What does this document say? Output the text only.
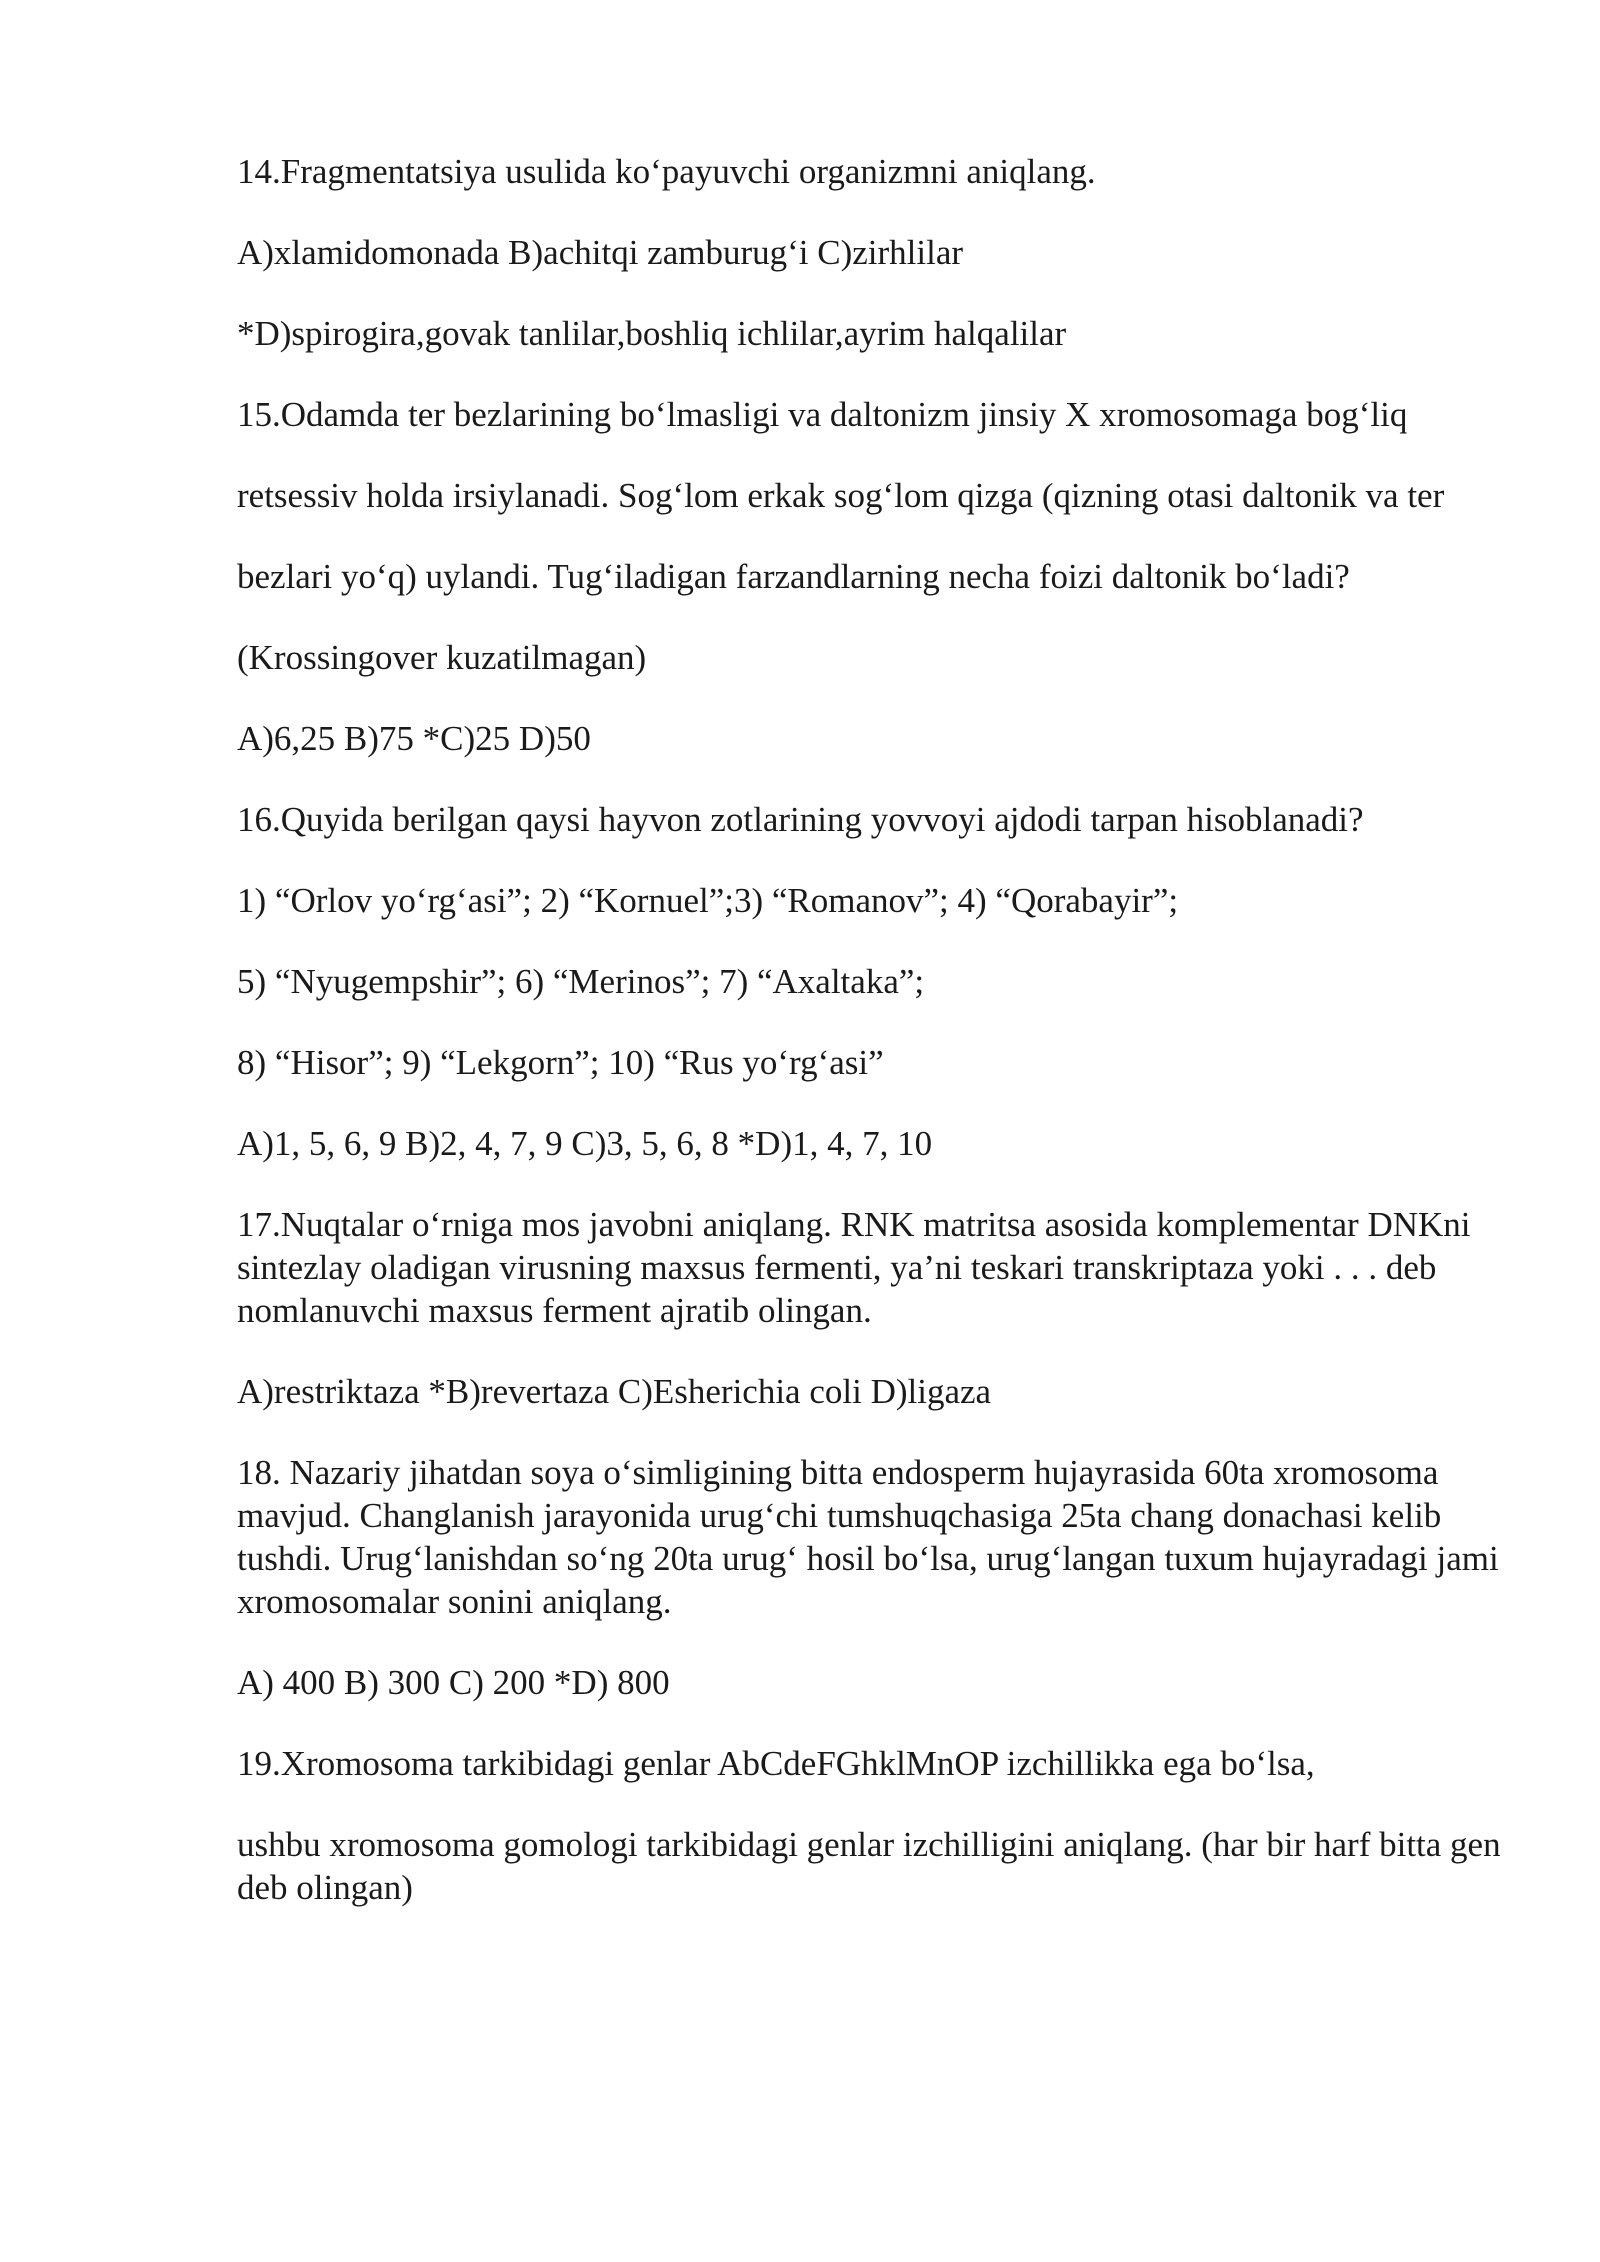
14.Fragmentatsiya usulida ko‘payuvchi organizmni aniqlang.

A)xlamidomonada B)achitqi zamburug‘i C)zirhlilar

*D)spirogira,govak tanlilar,boshliq ichlilar,ayrim halqalilar

15.Odamda ter bezlarining bo‘lmasligi va daltonizm jinsiy X xromosomaga bog‘liq

retsessiv holda irsiylanadi. Sog‘lom erkak sog‘lom qizga (qizning otasi daltonik va ter

bezlari yo‘q) uylandi. Tug‘iladigan farzandlarning necha foizi daltonik bo‘ladi?

(Krossingover kuzatilmagan)

A)6,25 B)75 *C)25 D)50

16.Quyida berilgan qaysi hayvon zotlarining yovvoyi ajdodi tarpan hisoblanadi?

1) “Orlov yo‘rg‘asi”; 2) “Kornuel”;3) “Romanov”; 4) “Qorabayir”;

5) “Nyugempshir”; 6) “Merinos”; 7) “Axaltaka”;

8) “Hisor”; 9) “Lekgorn”; 10) “Rus yo‘rg‘asi”

A)1, 5, 6, 9 B)2, 4, 7, 9 C)3, 5, 6, 8 *D)1, 4, 7, 10

17.Nuqtalar o‘rniga mos javobni aniqlang. RNK matritsa asosida komplementar DNKni sintezlay oladigan virusning maxsus fermenti, ya’ni teskari transkriptaza yoki . . . deb nomlanuvchi maxsus ferment ajratib olingan.

A)restriktaza *B)revertaza C)Esherichia coli D)ligaza

18. Nazariy jihatdan soya o‘simligining bitta endosperm hujayrasida 60ta xromosoma mavjud. Changlanish jarayonida urug‘chi tumshuqchasiga 25ta chang donachasi kelib tushdi. Urug‘lanishdan so‘ng 20ta urug‘ hosil bo‘lsa, urug‘langan tuxum hujayradagi jami xromosomalar sonini aniqlang.

A) 400 B) 300 C) 200 *D) 800

19.Xromosoma tarkibidagi genlar AbCdeFGhklMnOP izchillikka ega bo‘lsa,

ushbu xromosoma gomologi tarkibidagi genlar izchilligini aniqlang. (har bir harf bitta gen deb olingan)
